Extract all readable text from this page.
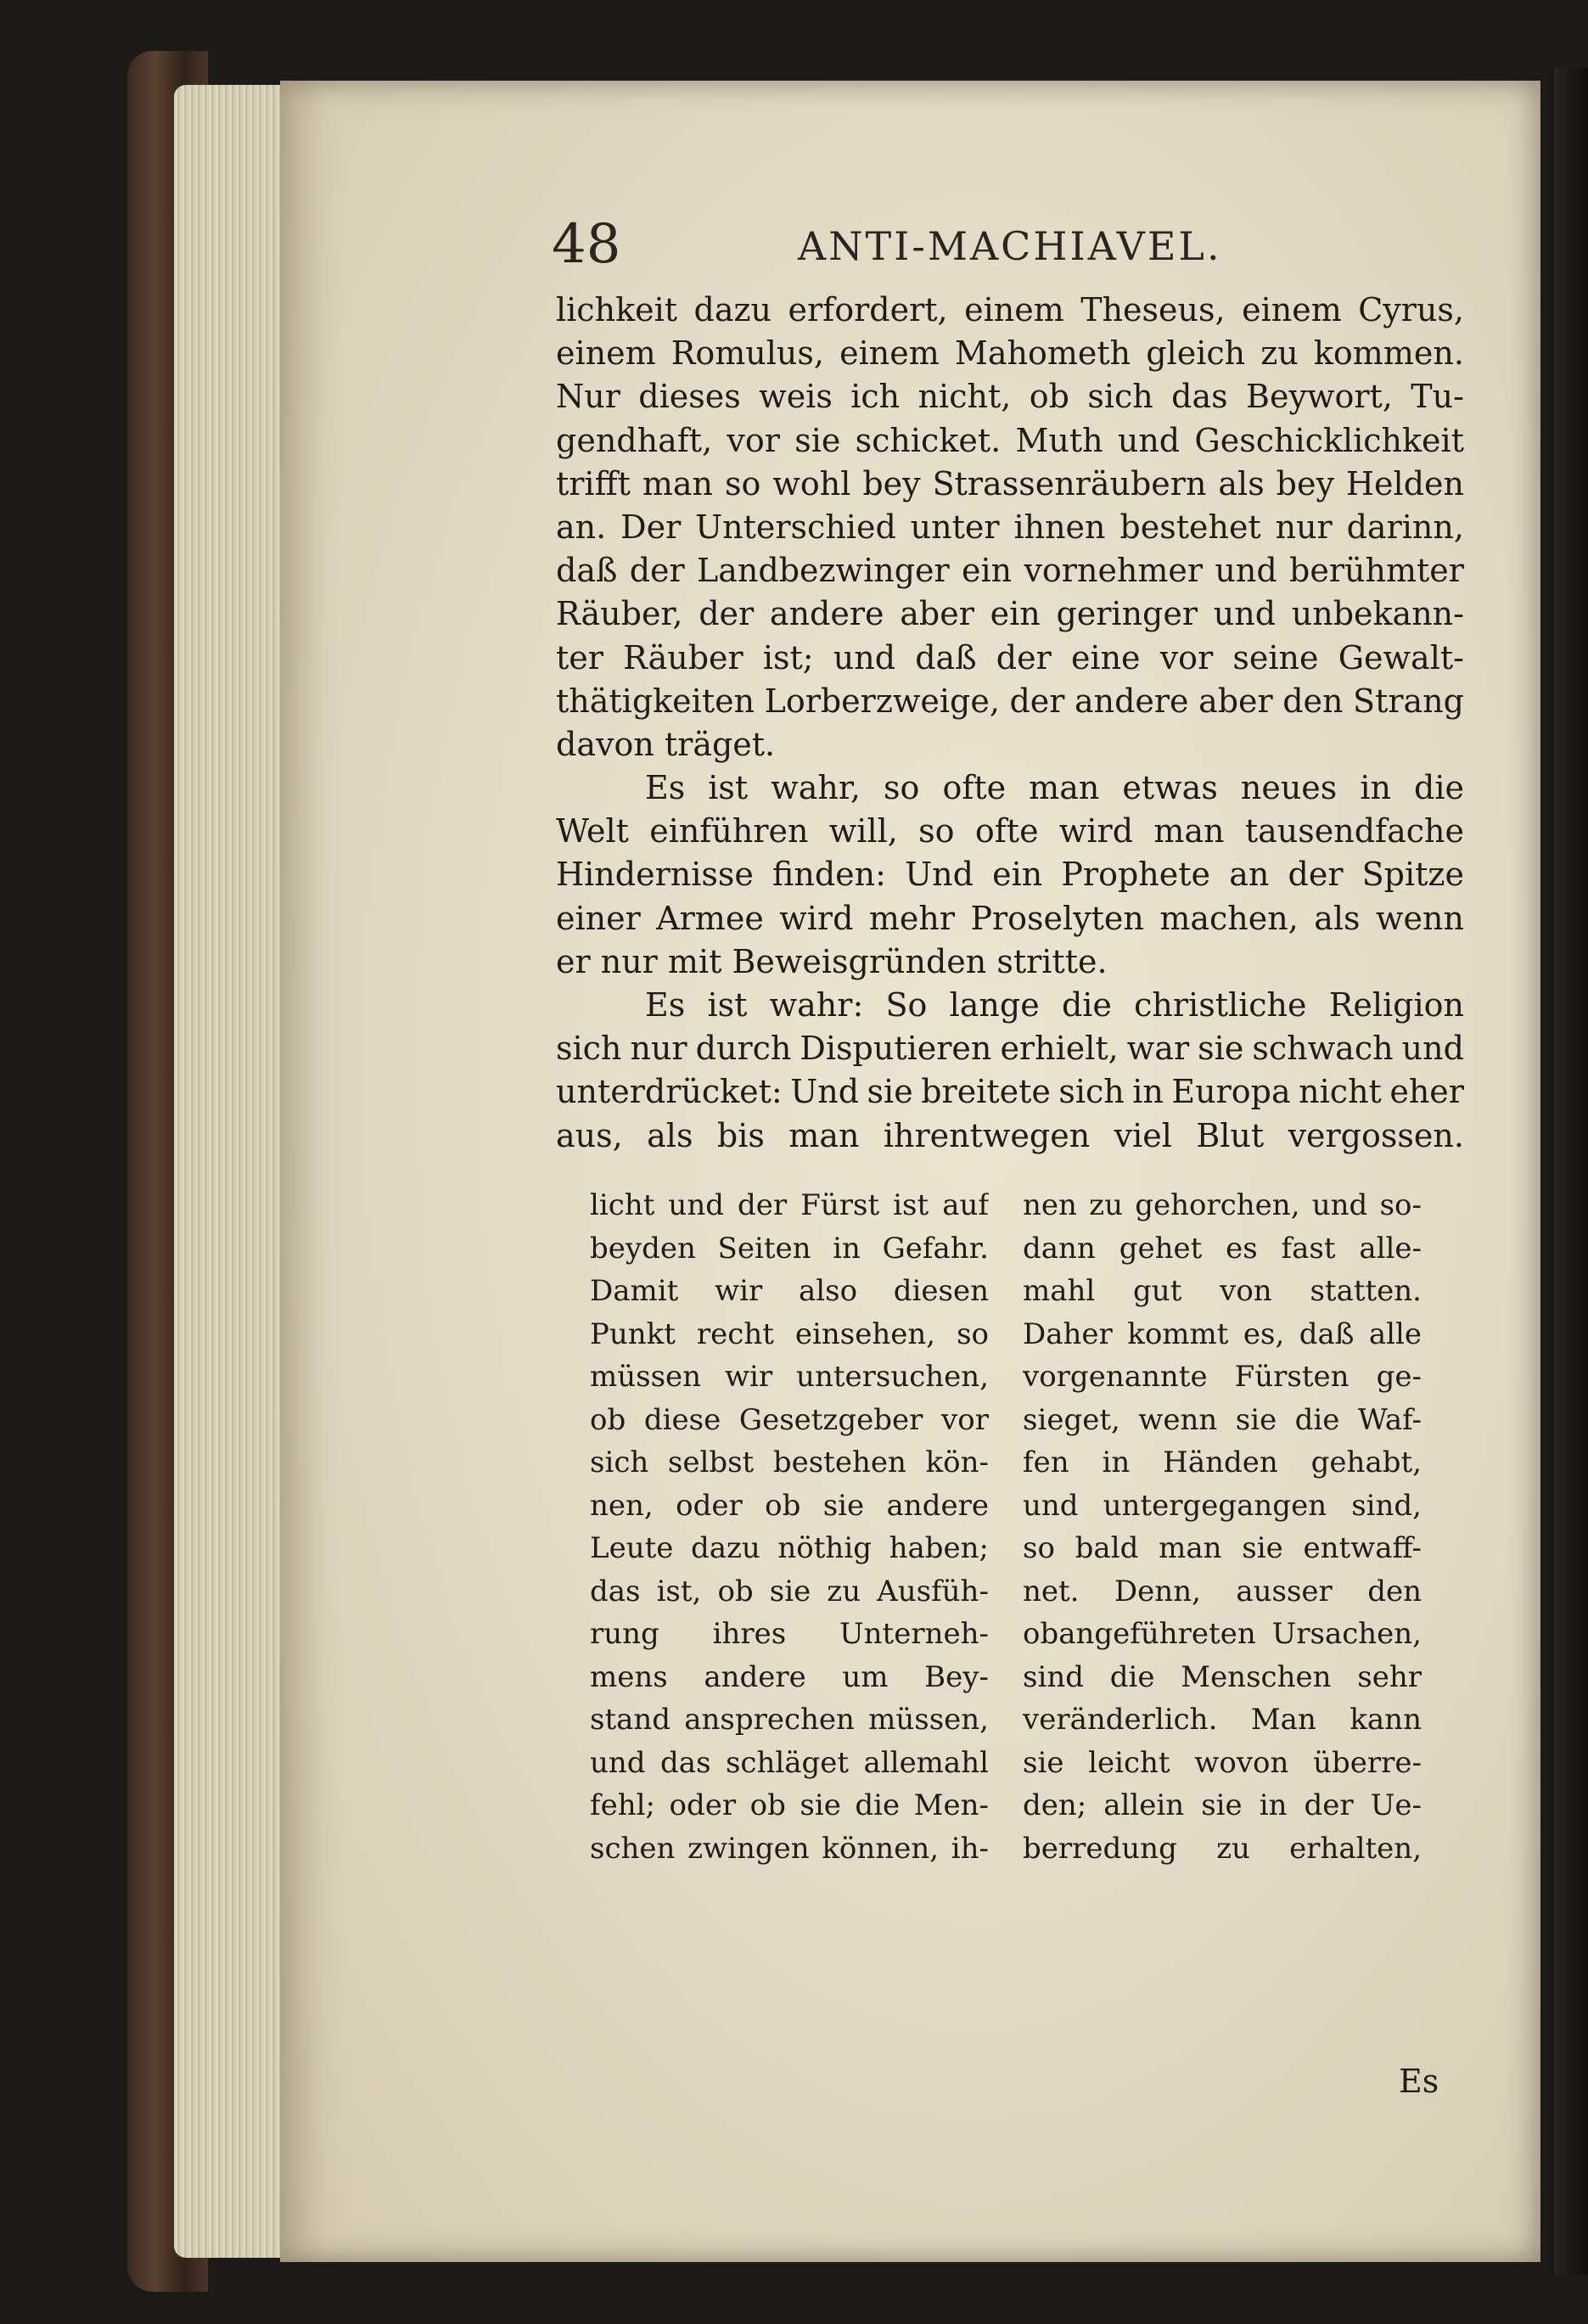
48	ANTI-MACHIAVEL.
lichkeit dazu erfordert, einem Theseus, einem Cyrus,
einem Romulus, einem Mahometh gleich zu kommen.
Nur dieses weis ich nicht, ob sich das Beywort, Tu-
gendhaft, vor sie schicket. Muth und Geschicklichkeit
trifft man so wohl bey Strassenräubern als bey Helden
an. Der Unterschied unter ihnen bestehet nur darinn,
daß der Landbezwinger ein vornehmer und berühmter
Räuber, der andere aber ein geringer und unbekann-
ter Räuber ist; und daß der eine vor seine Gewalt-
thätigkeiten Lorberzweige, der andere aber den Strang
davon träget.
Es ist wahr, so ofte man etwas neues in die
Welt einführen will, so ofte wird man tausendfache
Hindernisse finden: Und ein Prophete an der Spitze
einer Armee wird mehr Proselyten machen, als wenn
er nur mit Beweisgründen stritte.
Es ist wahr: So lange die christliche Religion
sich nur durch Disputieren erhielt, war sie schwach und
unterdrücket: Und sie breitete sich in Europa nicht eher
aus, als bis man ihrentwegen viel Blut vergossen.
licht und der Fürst ist auf
beyden Seiten in Gefahr.
Damit wir also diesen
Punkt recht einsehen, so
müssen wir untersuchen,
ob diese Gesetzgeber vor
sich selbst bestehen kön-
nen, oder ob sie andere
Leute dazu nöthig haben;
das ist, ob sie zu Ausfüh-
rung ihres Unterneh-
mens andere um Bey-
stand ansprechen müssen,
und das schläget allemahl
fehl; oder ob sie die Men-
schen zwingen können, ih-
nen zu gehorchen, und so-
dann gehet es fast alle-
mahl gut von statten.
Daher kommt es, daß alle
vorgenannte Fürsten ge-
sieget, wenn sie die Waf-
fen in Händen gehabt,
und untergegangen sind,
so bald man sie entwaff-
net. Denn, ausser den
obangeführeten Ursachen,
sind die Menschen sehr
veränderlich. Man kann
sie leicht wovon überre-
den; allein sie in der Ue-
berredung zu erhalten,
Es
